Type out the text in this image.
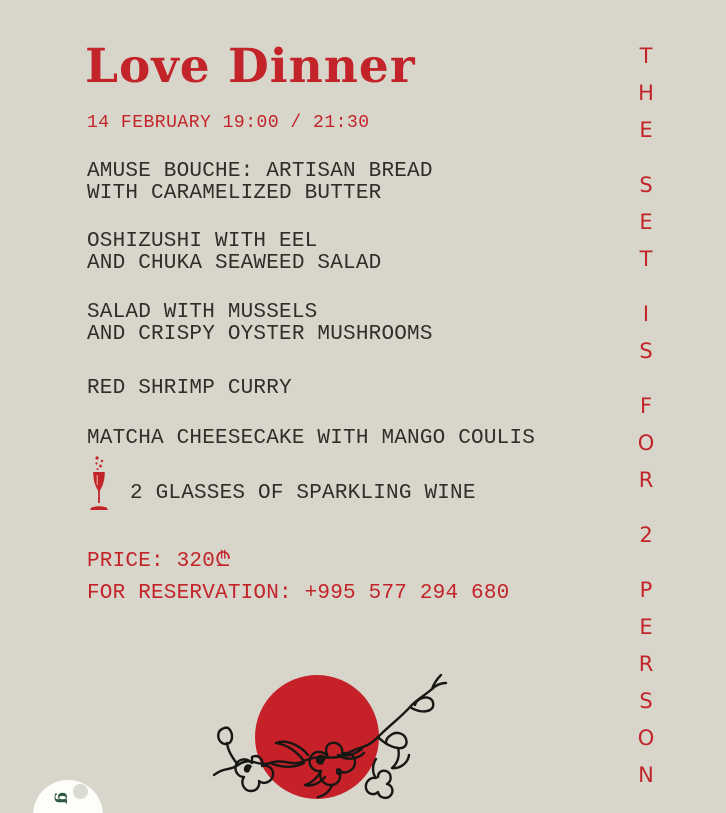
Love Dinner
14 FEBRUARY 19:00 / 21:30
AMUSE BOUCHE: ARTISAN BREAD
WITH CARAMELIZED BUTTER
OSHIZUSHI WITH EEL
AND CHUKA SEAWEED SALAD
SALAD WITH MUSSELS
AND CRISPY OYSTER MUSHROOMS
RED SHRIMP CURRY
MATCHA CHEESECAKE WITH MANGO COULIS
2 GLASSES OF SPARKLING WINE
PRICE: 320₾
FOR RESERVATION: +995 577 294 680
T
H
E
S
E
T
I
S
F
O
R
2
P
E
R
S
O
N
g
